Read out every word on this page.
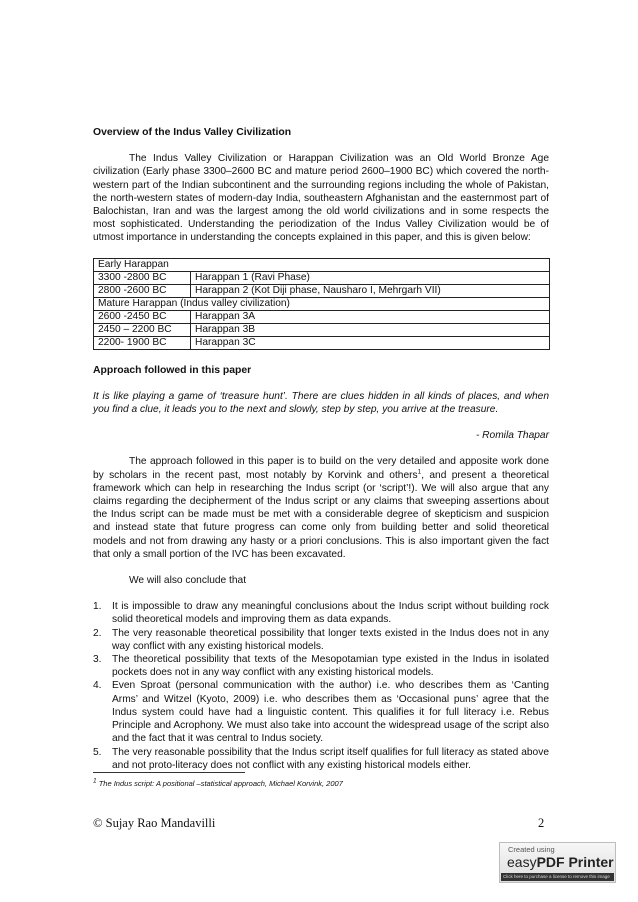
Overview of the Indus Valley Civilization

The Indus Valley Civilization or Harappan Civilization was an Old World Bronze Age civilization (Early phase 3300–2600 BC and mature period 2600–1900 BC) which covered the north-western part of the Indian subcontinent and the surrounding regions including the whole of Pakistan, the north-western states of modern-day India, southeastern Afghanistan and the easternmost part of Balochistan, Iran and was the largest among the old world civilizations and in some respects the most sophisticated. Understanding the periodization of the Indus Valley Civilization would be of utmost importance in understanding the concepts explained in this paper, and this is given below:

Early Harappan	
3300 -2800 BC	Harappan 1 (Ravi Phase)
2800 -2600 BC	Harappan 2 (Kot Diji phase, Nausharo I, Mehrgarh VII)
Mature Harappan (Indus valley civilization)	
2600 -2450 BC	Harappan 3A
2450 – 2200 BC	Harappan 3B
2200- 1900 BC	Harappan 3C
Approach followed in this paper

It is like playing a game of ‘treasure hunt’. There are clues hidden in all kinds of places, and when you find a clue, it leads you to the next and slowly, step by step, you arrive at the treasure.

- Romila Thapar

The approach followed in this paper is to build on the very detailed and apposite work done by scholars in the recent past, most notably by Korvink and others$^1$, and present a theoretical framework which can help in researching the Indus script (or ‘script’!). We will also argue that any claims regarding the decipherment of the Indus script or any claims that sweeping assertions about the Indus script can be made must be met with a considerable degree of skepticism and suspicion and instead state that future progress can come only from building better and solid theoretical models and not from drawing any hasty or a priori conclusions. This is also important given the fact that only a small portion of the IVC has been excavated.

We will also conclude that

1. It is impossible to draw any meaningful conclusions about the Indus script without building rock solid theoretical models and improving them as data expands.
2. The very reasonable theoretical possibility that longer texts existed in the Indus does not in any way conflict with any existing historical models.
3. The theoretical possibility that texts of the Mesopotamian type existed in the Indus in isolated pockets does not in any way conflict with any existing historical models.
4. Even Sproat (personal communication with the author) i.e. who describes them as ‘Canting Arms’ and Witzel (Kyoto, 2009) i.e. who describes them as ‘Occasional puns’ agree that the Indus system could have had a linguistic content. This qualifies it for full literacy i.e. Rebus Principle and Acrophony. We must also take into account the widespread usage of the script also and the fact that it was central to Indus society.
5. The very reasonable possibility that the Indus script itself qualifies for full literacy as stated above and not proto-literacy does not conflict with any existing historical models either.
$^1$ The Indus script: A positional –statistical approach, Michael Korvink, 2007
© Sujay Rao Mandavilli	2
Created using
easyPDF Printer
Click here to purchase a license to remove this image
